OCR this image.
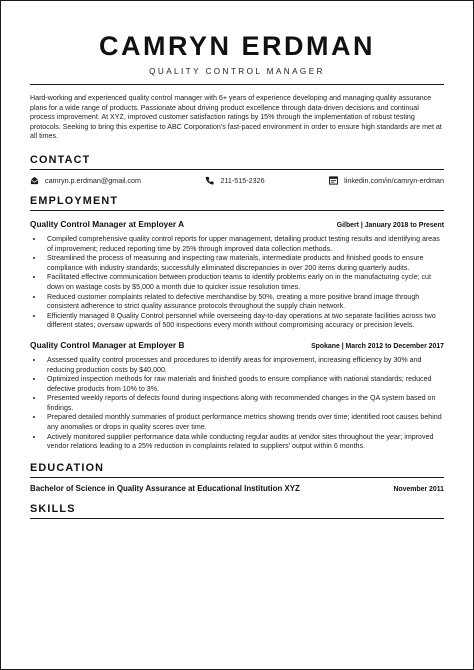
CAMRYN ERDMAN
QUALITY CONTROL MANAGER

Hard-working and experienced quality control manager with 6+ years of experience developing and managing quality assurance plans for a wide range of products. Passionate about driving product excellence through data-driven decisions and continual process improvement. At XYZ, improved customer satisfaction ratings by 15% through the implementation of robust testing protocols. Seeking to bring this expertise to ABC Corporation's fast-paced environment in order to ensure high standards are met at all times.

CONTACT
camryn.p.erdman@gmail.com	211-515-2326	linkedin.com/in/camryn-erdman
EMPLOYMENT
Quality Control Manager at Employer A	Gilbert | January 2018 to Present
• Compiled comprehensive quality control reports for upper management, detailing product testing results and identifying areas of improvement; reduced reporting time by 25% through improved data collection methods.
• Streamlined the process of measuring and inspecting raw materials, intermediate products and finished goods to ensure compliance with industry standards; successfully eliminated discrepancies in over 200 items during quarterly audits.
• Facilitated effective communication between production teams to identify problems early on in the manufacturing cycle; cut down on wastage costs by $5,000 a month due to quicker issue resolution times.
• Reduced customer complaints related to defective merchandise by 50%, creating a more positive brand image through consistent adherence to strict quality assurance protocols throughout the supply chain network.
• Efficiently managed 8 Quality Control personnel while overseeing day-to-day operations at two separate facilities across two different states; oversaw upwards of 500 inspections every month without compromising accuracy or precision levels.
Quality Control Manager at Employer B	Spokane | March 2012 to December 2017
• Assessed quality control processes and procedures to identify areas for improvement, increasing efficiency by 30% and reducing production costs by $40,000.
• Optimized inspection methods for raw materials and finished goods to ensure compliance with national standards; reduced defective products from 10% to 3%.
• Presented weekly reports of defects found during inspections along with recommended changes in the QA system based on findings.
• Prepared detailed monthly summaries of product performance metrics showing trends over time; identified root causes behind any anomalies or drops in quality scores over time.
• Actively monitored supplier performance data while conducting regular audits at vendor sites throughout the year; improved vendor relations leading to a 25% reduction in complaints related to suppliers' output within 6 months.
EDUCATION
Bachelor of Science in Quality Assurance at Educational Institution XYZ	November 2011
SKILLS
